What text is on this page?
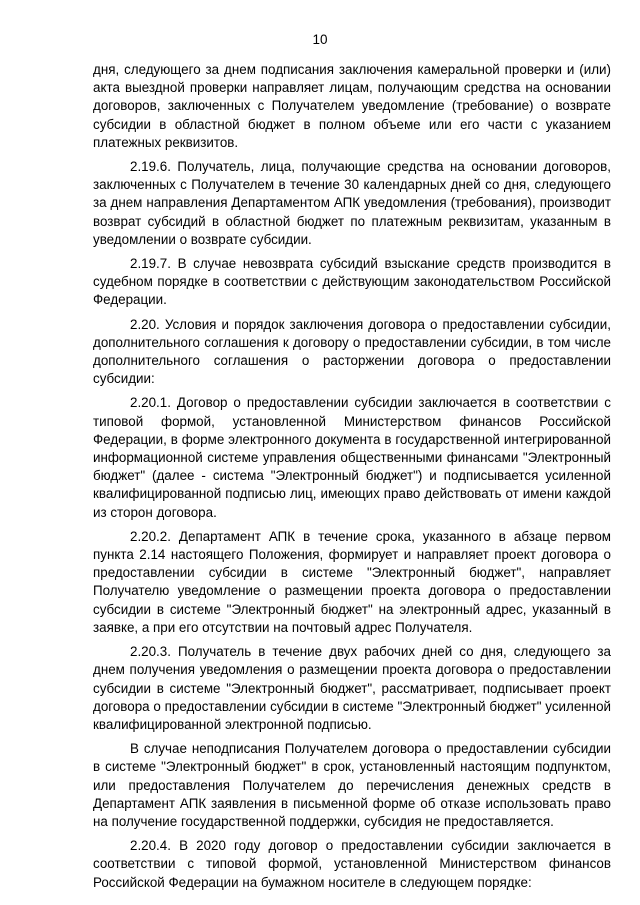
10

дня, следующего за днем подписания заключения камеральной проверки и (или) акта выездной проверки направляет лицам, получающим средства на основании договоров, заключенных с Получателем уведомление (требование) о возврате субсидии в областной бюджет в полном объеме или его части с указанием платежных реквизитов.

2.19.6. Получатель, лица, получающие средства на основании договоров, заключенных с Получателем в течение 30 календарных дней со дня, следующего за днем направления Департаментом АПК уведомления (требования), производит возврат субсидий в областной бюджет по платежным реквизитам, указанным в уведомлении о возврате субсидии.

2.19.7. В случае невозврата субсидий взыскание средств производится в судебном порядке в соответствии с действующим законодательством Российской Федерации.

2.20. Условия и порядок заключения договора о предоставлении субсидии, дополнительного соглашения к договору о предоставлении субсидии, в том числе дополнительного соглашения о расторжении договора о предоставлении субсидии:

2.20.1. Договор о предоставлении субсидии заключается в соответствии с типовой формой, установленной Министерством финансов Российской Федерации, в форме электронного документа в государственной интегрированной информационной системе управления общественными финансами "Электронный бюджет" (далее - система "Электронный бюджет") и подписывается усиленной квалифицированной подписью лиц, имеющих право действовать от имени каждой из сторон договора.

2.20.2. Департамент АПК в течение срока, указанного в абзаце первом пункта 2.14 настоящего Положения, формирует и направляет проект договора о предоставлении субсидии в системе "Электронный бюджет", направляет Получателю уведомление о размещении проекта договора о предоставлении субсидии в системе "Электронный бюджет" на электронный адрес, указанный в заявке, а при его отсутствии на почтовый адрес Получателя.

2.20.3. Получатель в течение двух рабочих дней со дня, следующего за днем получения уведомления о размещении проекта договора о предоставлении субсидии в системе "Электронный бюджет", рассматривает, подписывает проект договора о предоставлении субсидии в системе "Электронный бюджет" усиленной квалифицированной электронной подписью.

В случае неподписания Получателем договора о предоставлении субсидии в системе "Электронный бюджет" в срок, установленный настоящим подпунктом, или предоставления Получателем до перечисления денежных средств в Департамент АПК заявления в письменной форме об отказе использовать право на получение государственной поддержки, субсидия не предоставляется.

2.20.4. В 2020 году договор о предоставлении субсидии заключается в соответствии с типовой формой, установленной Министерством финансов Российской Федерации на бумажном носителе в следующем порядке:
